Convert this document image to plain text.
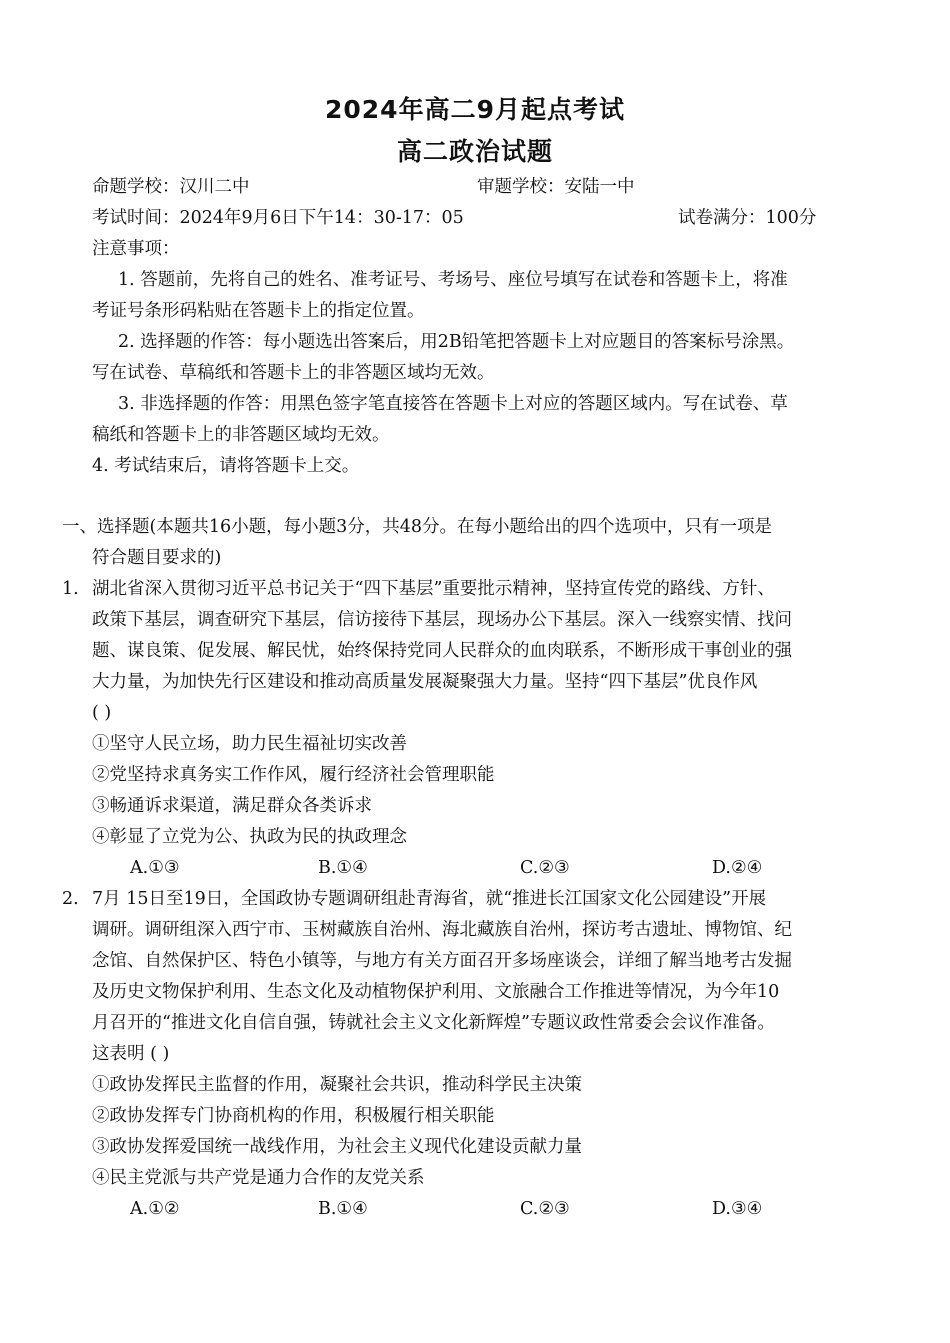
2024年高二9月起点考试
高二政治试题
命题学校：汉川二中	审题学校：安陆一中
考试时间：2024年9月6日下午14：30-17：05	试卷满分：100分
注意事项：
1. 答题前，先将自己的姓名、准考证号、考场号、座位号填写在试卷和答题卡上，将准
考证号条形码粘贴在答题卡上的指定位置。
2. 选择题的作答：每小题选出答案后，用2B铅笔把答题卡上对应题目的答案标号涂黑。
写在试卷、草稿纸和答题卡上的非答题区域均无效。
3. 非选择题的作答：用黑色签字笔直接答在答题卡上对应的答题区域内。写在试卷、草
稿纸和答题卡上的非答题区域均无效。
4. 考试结束后，请将答题卡上交。
一、选择题(本题共16小题，每小题3分，共48分。在每小题给出的四个选项中，只有一项是
符合题目要求的)
1. 湖北省深入贯彻习近平总书记关于“四下基层”重要批示精神，坚持宣传党的路线、方针、
政策下基层，调查研究下基层，信访接待下基层，现场办公下基层。深入一线察实情、找问
题、谋良策、促发展、解民忧，始终保持党同人民群众的血肉联系，不断形成干事创业的强
大力量，为加快先行区建设和推动高质量发展凝聚强大力量。坚持“四下基层”优良作风
( )
①坚守人民立场，助力民生福祉切实改善
②党坚持求真务实工作作风，履行经济社会管理职能
③畅通诉求渠道，满足群众各类诉求
④彰显了立党为公、执政为民的执政理念
A.①③	B.①④	C.②③	D.②④
2. 7月 15日至19日，全国政协专题调研组赴青海省，就“推进长江国家文化公园建设”开展
调研。调研组深入西宁市、玉树藏族自治州、海北藏族自治州，探访考古遗址、博物馆、纪
念馆、自然保护区、特色小镇等，与地方有关方面召开多场座谈会，详细了解当地考古发掘
及历史文物保护利用、生态文化及动植物保护利用、文旅融合工作推进等情况，为今年10
月召开的“推进文化自信自强，铸就社会主义文化新辉煌”专题议政性常委会会议作准备。
这表明 ( )
①政协发挥民主监督的作用，凝聚社会共识，推动科学民主决策
②政协发挥专门协商机构的作用，积极履行相关职能
③政协发挥爱国统一战线作用，为社会主义现代化建设贡献力量
④民主党派与共产党是通力合作的友党关系
A.①②	B.①④	C.②③	D.③④
